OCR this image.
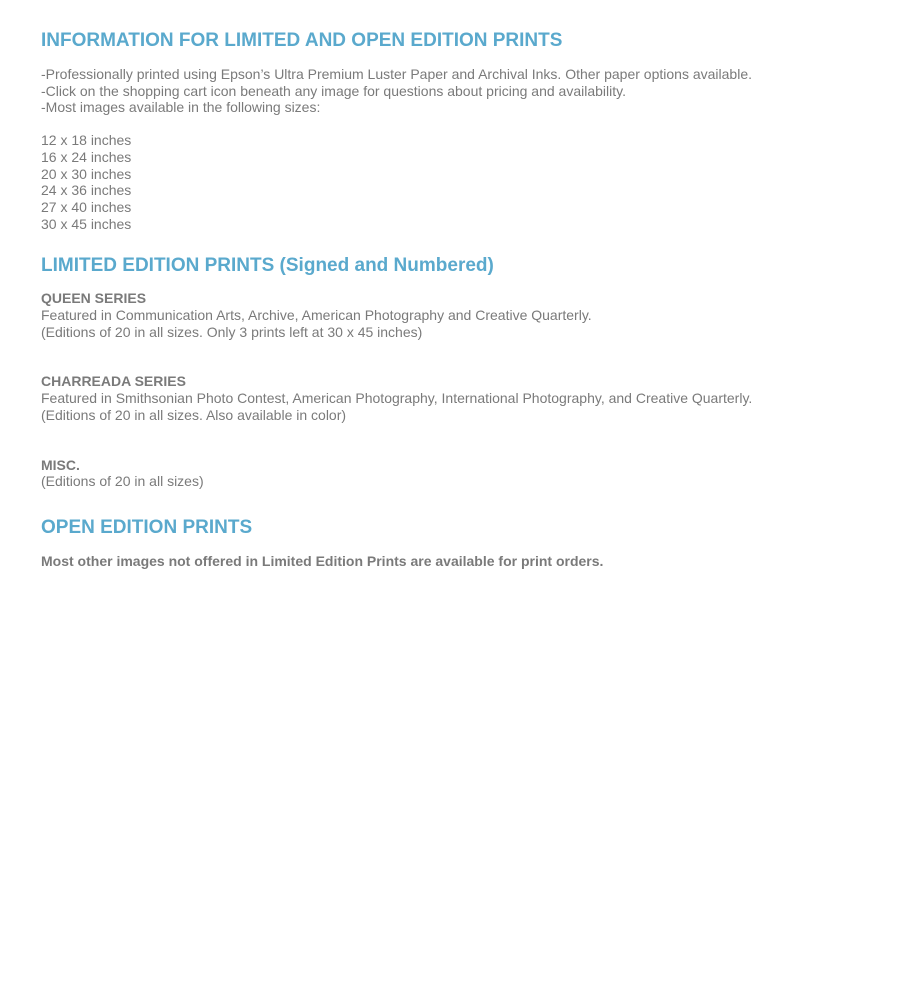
INFORMATION FOR LIMITED AND OPEN EDITION PRINTS
-Professionally printed using Epson’s Ultra Premium Luster Paper and Archival Inks. Other paper options available.
-Click on the shopping cart icon beneath any image for questions about pricing and availability.
-Most images available in the following sizes:
12 x 18 inches
16 x 24 inches
20 x 30 inches
24 x 36 inches
27 x 40 inches
30 x 45 inches
LIMITED EDITION PRINTS (Signed and Numbered)
QUEEN SERIES
Featured in Communication Arts, Archive, American Photography and Creative Quarterly.
(Editions of 20 in all sizes. Only 3 prints left at 30 x 45 inches)
CHARREADA SERIES
Featured in Smithsonian Photo Contest, American Photography, International Photography, and Creative Quarterly.
(Editions of 20 in all sizes. Also available in color)
MISC.
(Editions of 20 in all sizes)
OPEN EDITION PRINTS
Most other images not offered in Limited Edition Prints are available for print orders.
